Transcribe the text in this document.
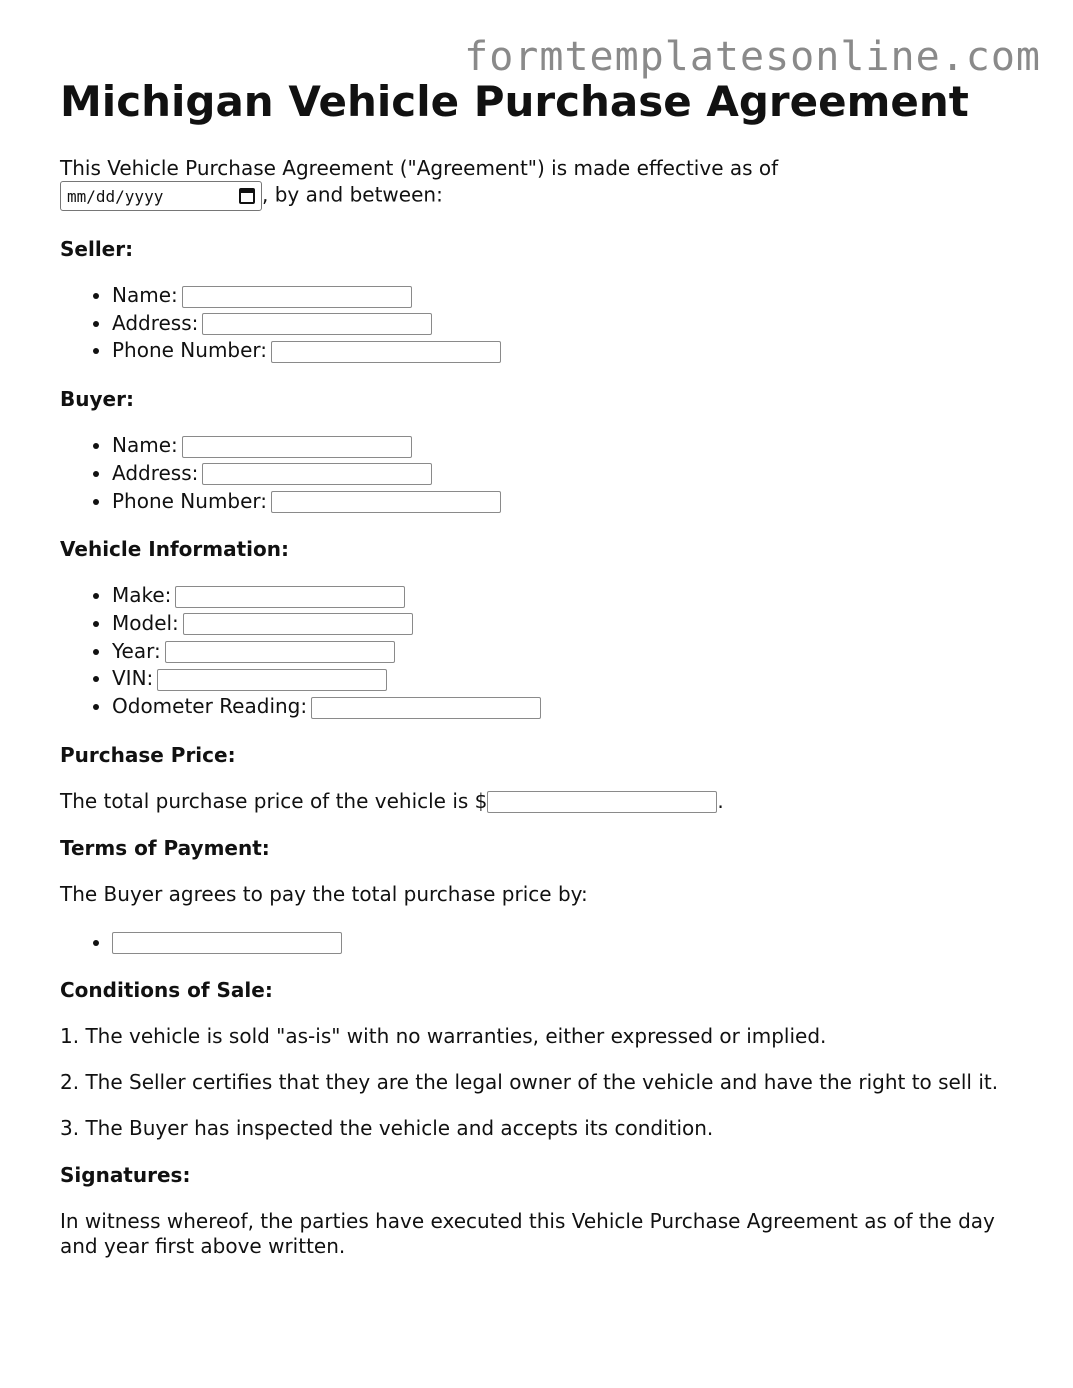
formtemplatesonline.com
Michigan Vehicle Purchase Agreement

This Vehicle Purchase Agreement ("Agreement") is made effective as of

mm/dd/yyyy	, by and between:

Seller:
• Name:
• Address:
• Phone Number:
Buyer:
• Name:
• Address:
• Phone Number:
Vehicle Information:
• Make:
• Model:
• Year:
• VIN:
• Odometer Reading:
Purchase Price:

The total purchase price of the vehicle is $	.

Terms of Payment:

The Buyer agrees to pay the total purchase price by:

•
Conditions of Sale:

1. The vehicle is sold "as-is" with no warranties, either expressed or implied.

2. The Seller certifies that they are the legal owner of the vehicle and have the right to sell it.

3. The Buyer has inspected the vehicle and accepts its condition.

Signatures:

In witness whereof, the parties have executed this Vehicle Purchase Agreement as of the day and year first above written.
